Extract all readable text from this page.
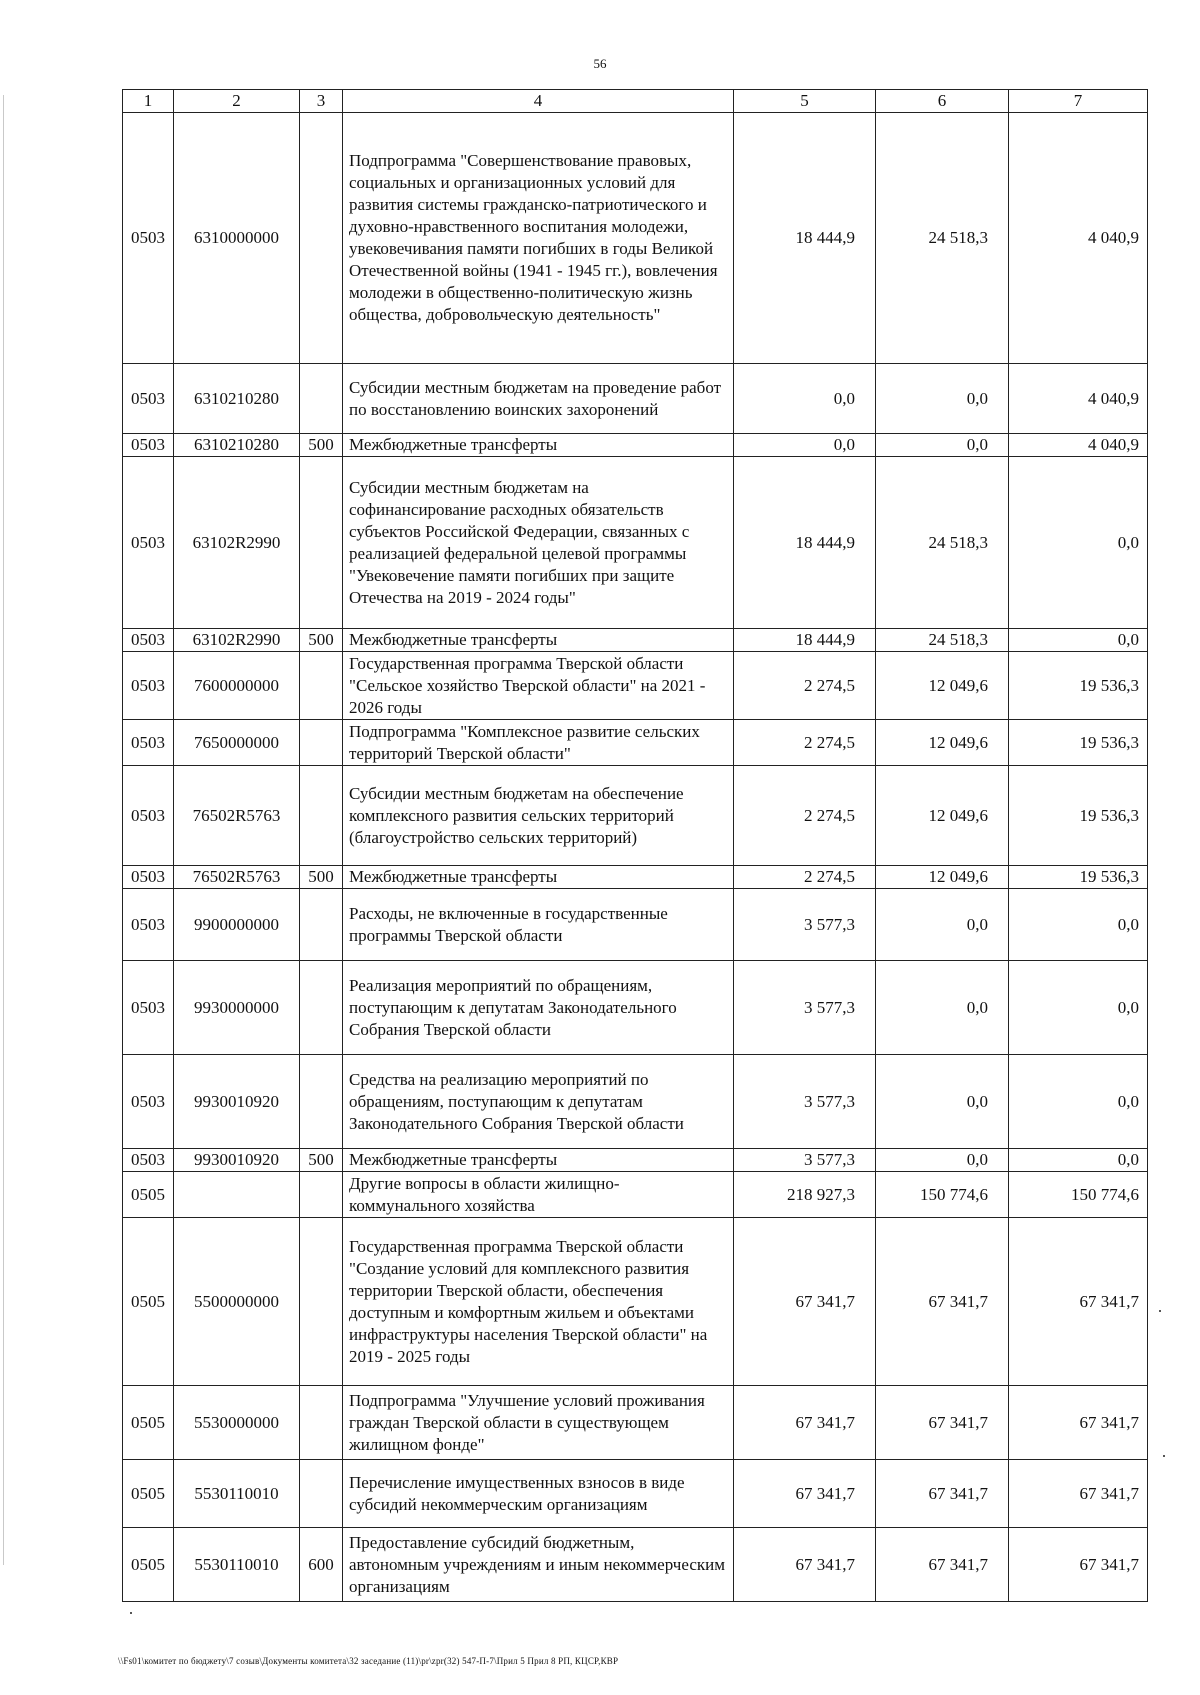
56
1	2	3	4	5	6	7
0503	6310000000		Подпрограмма "Совершенствование правовых, социальных и организационных условий для развития системы гражданско-патриотического и духовно-нравственного воспитания молодежи, увековечивания памяти погибших в годы Великой Отечественной войны (1941 - 1945 гг.), вовлечения молодежи в общественно-политическую жизнь общества, добровольческую деятельность"	18 444,9	24 518,3	4 040,9
0503	6310210280		Субсидии местным бюджетам на проведение работ по восстановлению воинских захоронений	0,0	0,0	4 040,9
0503	6310210280	500	Межбюджетные трансферты	0,0	0,0	4 040,9
0503	63102R2990		Субсидии местным бюджетам на софинансирование расходных обязательств субъектов Российской Федерации, связанных с реализацией федеральной целевой программы "Увековечение памяти погибших при защите Отечества на 2019 - 2024 годы"	18 444,9	24 518,3	0,0
0503	63102R2990	500	Межбюджетные трансферты	18 444,9	24 518,3	0,0
0503	7600000000		Государственная программа Тверской области "Сельское хозяйство Тверской области" на 2021 - 2026 годы	2 274,5	12 049,6	19 536,3
0503	7650000000		Подпрограмма "Комплексное развитие сельских территорий Тверской области"	2 274,5	12 049,6	19 536,3
0503	76502R5763		Субсидии местным бюджетам на обеспечение комплексного развития сельских территорий (благоустройство сельских территорий)	2 274,5	12 049,6	19 536,3
0503	76502R5763	500	Межбюджетные трансферты	2 274,5	12 049,6	19 536,3
0503	9900000000		Расходы, не включенные в государственные программы Тверской области	3 577,3	0,0	0,0
0503	9930000000		Реализация мероприятий по обращениям, поступающим к депутатам Законодательного Собрания Тверской области	3 577,3	0,0	0,0
0503	9930010920		Средства на реализацию мероприятий по обращениям, поступающим к депутатам Законодательного Собрания Тверской области	3 577,3	0,0	0,0
0503	9930010920	500	Межбюджетные трансферты	3 577,3	0,0	0,0
0505			Другие вопросы в области жилищно-коммунального хозяйства	218 927,3	150 774,6	150 774,6
0505	5500000000		Государственная программа Тверской области "Создание условий для комплексного развития территории Тверской области, обеспечения доступным и комфортным жильем и объектами инфраструктуры населения Тверской области" на 2019 - 2025 годы	67 341,7	67 341,7	67 341,7
0505	5530000000		Подпрограмма "Улучшение условий проживания граждан Тверской области в существующем жилищном фонде"	67 341,7	67 341,7	67 341,7
0505	5530110010		Перечисление имущественных взносов в виде субсидий некоммерческим организациям	67 341,7	67 341,7	67 341,7
0505	5530110010	600	Предоставление субсидий бюджетным, автономным учреждениям и иным некоммерческим организациям	67 341,7	67 341,7	67 341,7
\\Fs01\комитет по бюджету\7 созыв\Документы комитета\32 заседание (11)\pr\zpr(32) 547-П-7\Прил 5 Прил 8 РП, КЦСР,КВР
